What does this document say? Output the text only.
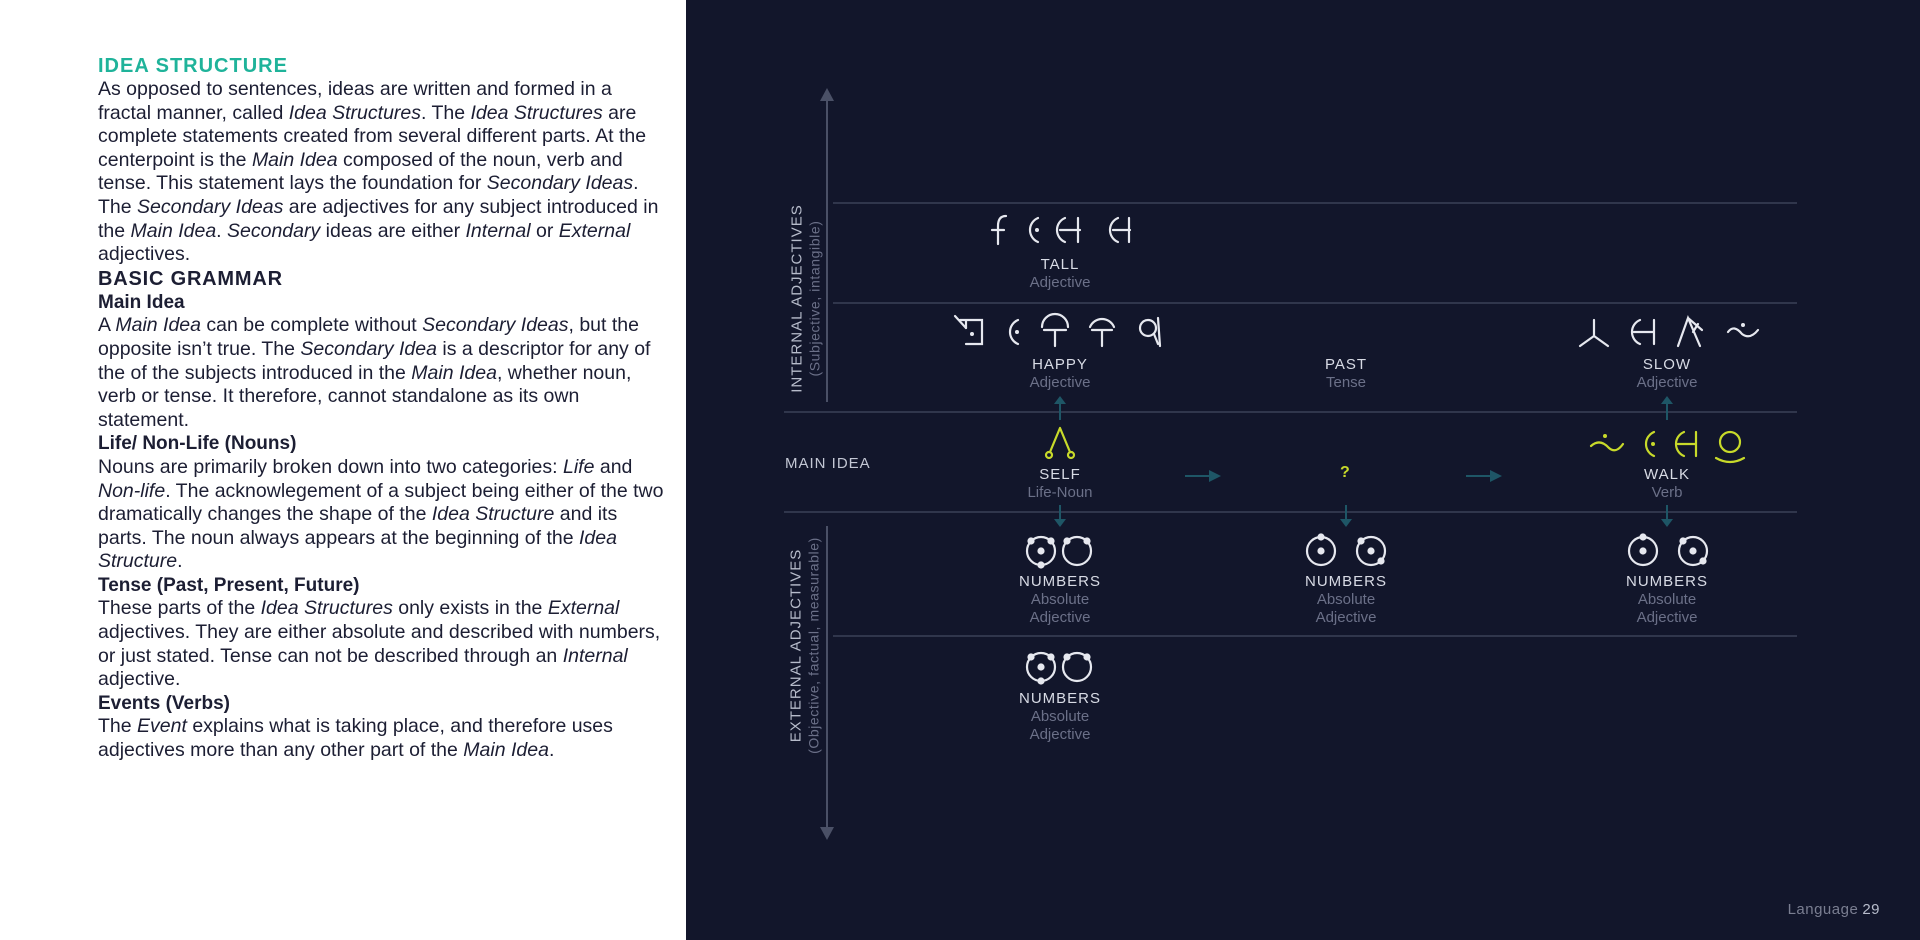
IDEA STRUCTURE

As opposed to sentences, ideas are written and formed in a fractal manner, called Idea Structures. The Idea Structures are complete statements created from several different parts. At the centerpoint is the Main Idea composed of the noun, verb and tense. This statement lays the foundation for Secondary Ideas. The Secondary Ideas are adjectives for any subject introduced in the Main Idea. Secondary ideas are either Internal or External adjectives.

BASIC GRAMMAR

Main Idea

A Main Idea can be complete without Secondary Ideas, but the opposite isn’t true. The Secondary Idea is a descriptor for any of the of the subjects introduced in the Main Idea, whether noun, verb or tense. It therefore, cannot standalone as its own statement.

Life/ Non-Life (Nouns)

Nouns are primarily broken down into two categories: Life and Non-life. The acknowlegement of a subject being either of the two dramatically changes the shape of the Idea Structure and its parts. The noun always appears at the beginning of the Idea Structure.

Tense (Past, Present, Future)

These parts of the Idea Structures only exists in the External adjectives. They are either absolute and described with numbers, or just stated. Tense can not be described through an Internal adjective.

Events (Verbs)

The Event explains what is taking place, and therefore uses adjectives more than any other part of the Main Idea.

INTERNAL ADJECTIVES (Subjective, intangible)
EXTERNAL ADJECTIVES (Objective, factual, measurable)
MAIN IDEA
TALL
Adjective
HAPPY
Adjective
PAST
Tense
SLOW
Adjective
SELF
Life-Noun
?	WALK
Verb
NUMBERS
Absolute
Adjective
NUMBERS
Absolute
Adjective
NUMBERS
Absolute
Adjective
NUMBERS
Absolute
Adjective
Language 29
